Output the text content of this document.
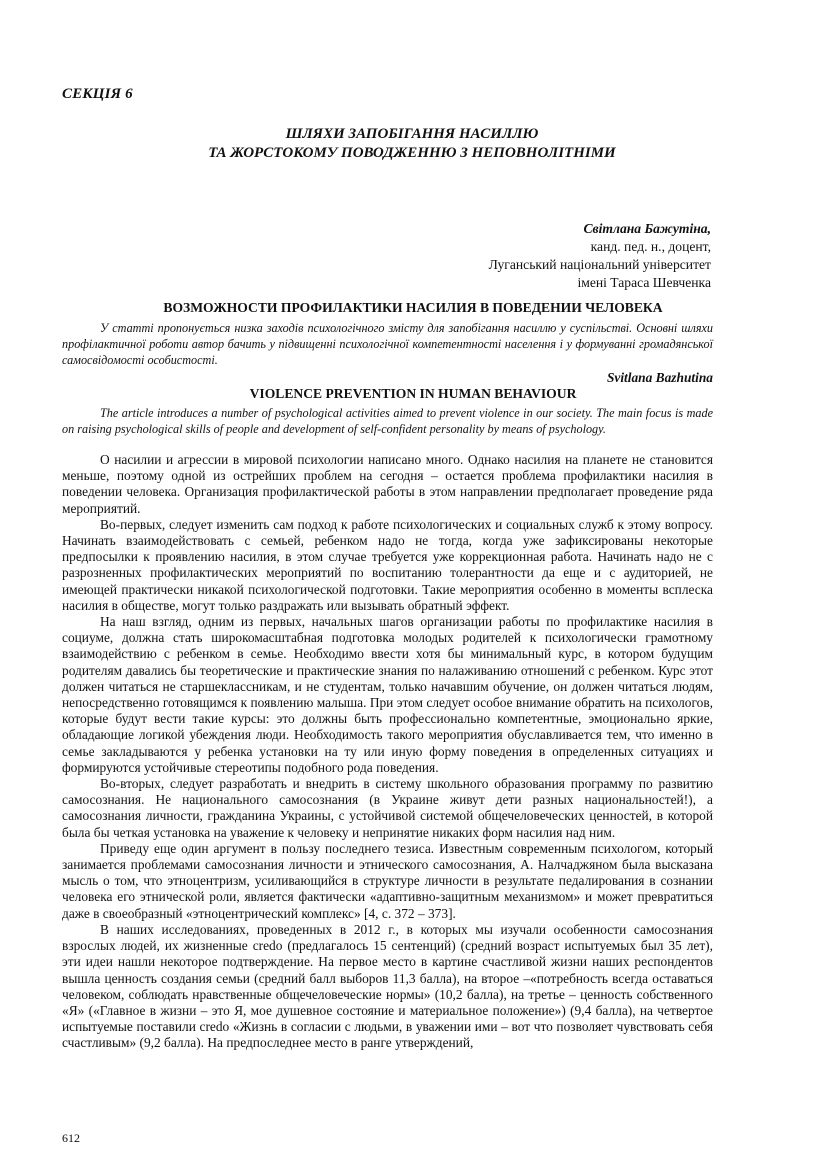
СЕКЦІЯ 6
ШЛЯХИ ЗАПОБІГАННЯ НАСИЛЛЮ
ТА ЖОРСТОКОМУ ПОВОДЖЕННЮ З НЕПОВНОЛІТНІМИ
Світлана Бажутіна,
канд. пед. н., доцент,
Луганський національний університет
імені Тараса Шевченка
ВОЗМОЖНОСТИ ПРОФИЛАКТИКИ НАСИЛИЯ В ПОВЕДЕНИИ ЧЕЛОВЕКА
У статті пропонується низка заходів психологічного змісту для запобігання насиллю у суспільстві. Основні шляхи профілактичної роботи автор бачить у підвищенні психологічної компетентності населення і у формуванні громадянської самосвідомості особистості.
Svitlana Bazhutina
VIOLENCE PREVENTION IN HUMAN BEHAVIOUR
The article introduces a number of psychological activities aimed to prevent violence in our society. The main focus is made on raising psychological skills of people and development of self-confident personality by means of psychology.

О насилии и агрессии в мировой психологии написано много. Однако насилия на планете не становится меньше, поэтому одной из острейших проблем на сегодня – остается проблема профилактики насилия в поведении человека. Организация профилактической работы в этом направлении предполагает проведение ряда мероприятий.

Во-первых, следует изменить сам подход к работе психологических и социальных служб к этому вопросу. Начинать взаимодействовать с семьей, ребенком надо не тогда, когда уже зафиксированы некоторые предпосылки к проявлению насилия, в этом случае требуется уже коррекционная работа. Начинать надо не с разрозненных профилактических мероприятий по воспитанию толерантности да еще и с аудиторией, не имеющей практически никакой психологической подготовки. Такие мероприятия особенно в моменты всплеска насилия в обществе, могут только раздражать или вызывать обратный эффект.

На наш взгляд, одним из первых, начальных шагов организации работы по профилактике насилия в социуме, должна стать широкомасштабная подготовка молодых родителей к психологически грамотному взаимодействию с ребенком в семье. Необходимо ввести хотя бы минимальный курс, в котором будущим родителям давались бы теоретические и практические знания по налаживанию отношений с ребенком. Курс этот должен читаться не старшеклассникам, и не студентам, только начавшим обучение, он должен читаться людям, непосредственно готовящимся к появлению малыша. При этом следует особое внимание обратить на психологов, которые будут вести такие курсы: это должны быть профессионально компетентные, эмоционально яркие, обладающие логикой убеждения люди. Необходимость такого мероприятия обуславливается тем, что именно в семье закладываются у ребенка установки на ту или иную форму поведения в определенных ситуациях и формируются устойчивые стереотипы подобного рода поведения.

Во-вторых, следует разработать и внедрить в систему школьного образования программу по развитию самосознания. Не национального самосознания (в Украине живут дети разных национальностей!), а самосознания личности, гражданина Украины, с устойчивой системой общечеловеческих ценностей, в которой была бы четкая установка на уважение к человеку и непринятие никаких форм насилия над ним.

Приведу еще один аргумент в пользу последнего тезиса. Известным современным психологом, который занимается проблемами самосознания личности и этнического самосознания, А. Налчаджяном была высказана мысль о том, что этноцентризм, усиливающийся в структуре личности в результате педалирования в сознании человека его этнической роли, является фактически «адаптивно-защитным механизмом» и может превратиться даже в своеобразный «этноцентрический комплекс» [4, с. 372 – 373].

В наших исследованиях, проведенных в 2012 г., в которых мы изучали особенности самосознания взрослых людей, их жизненные credo (предлагалось 15 сентенций) (средний возраст испытуемых был 35 лет), эти идеи нашли некоторое подтверждение. На первое место в картине счастливой жизни наших респондентов вышла ценность создания семьи (средний балл выборов 11,3 балла), на второе –«потребность всегда оставаться человеком, соблюдать нравственные общечеловеческие нормы» (10,2 балла), на третье – ценность собственного «Я» («Главное в жизни – это Я, мое душевное состояние и материальное положение») (9,4 балла), на четвертое испытуемые поставили credo «Жизнь в согласии с людьми, в уважении ими – вот что позволяет чувствовать себя счастливым» (9,2 балла). На предпоследнее место в ранге утверждений,

612
